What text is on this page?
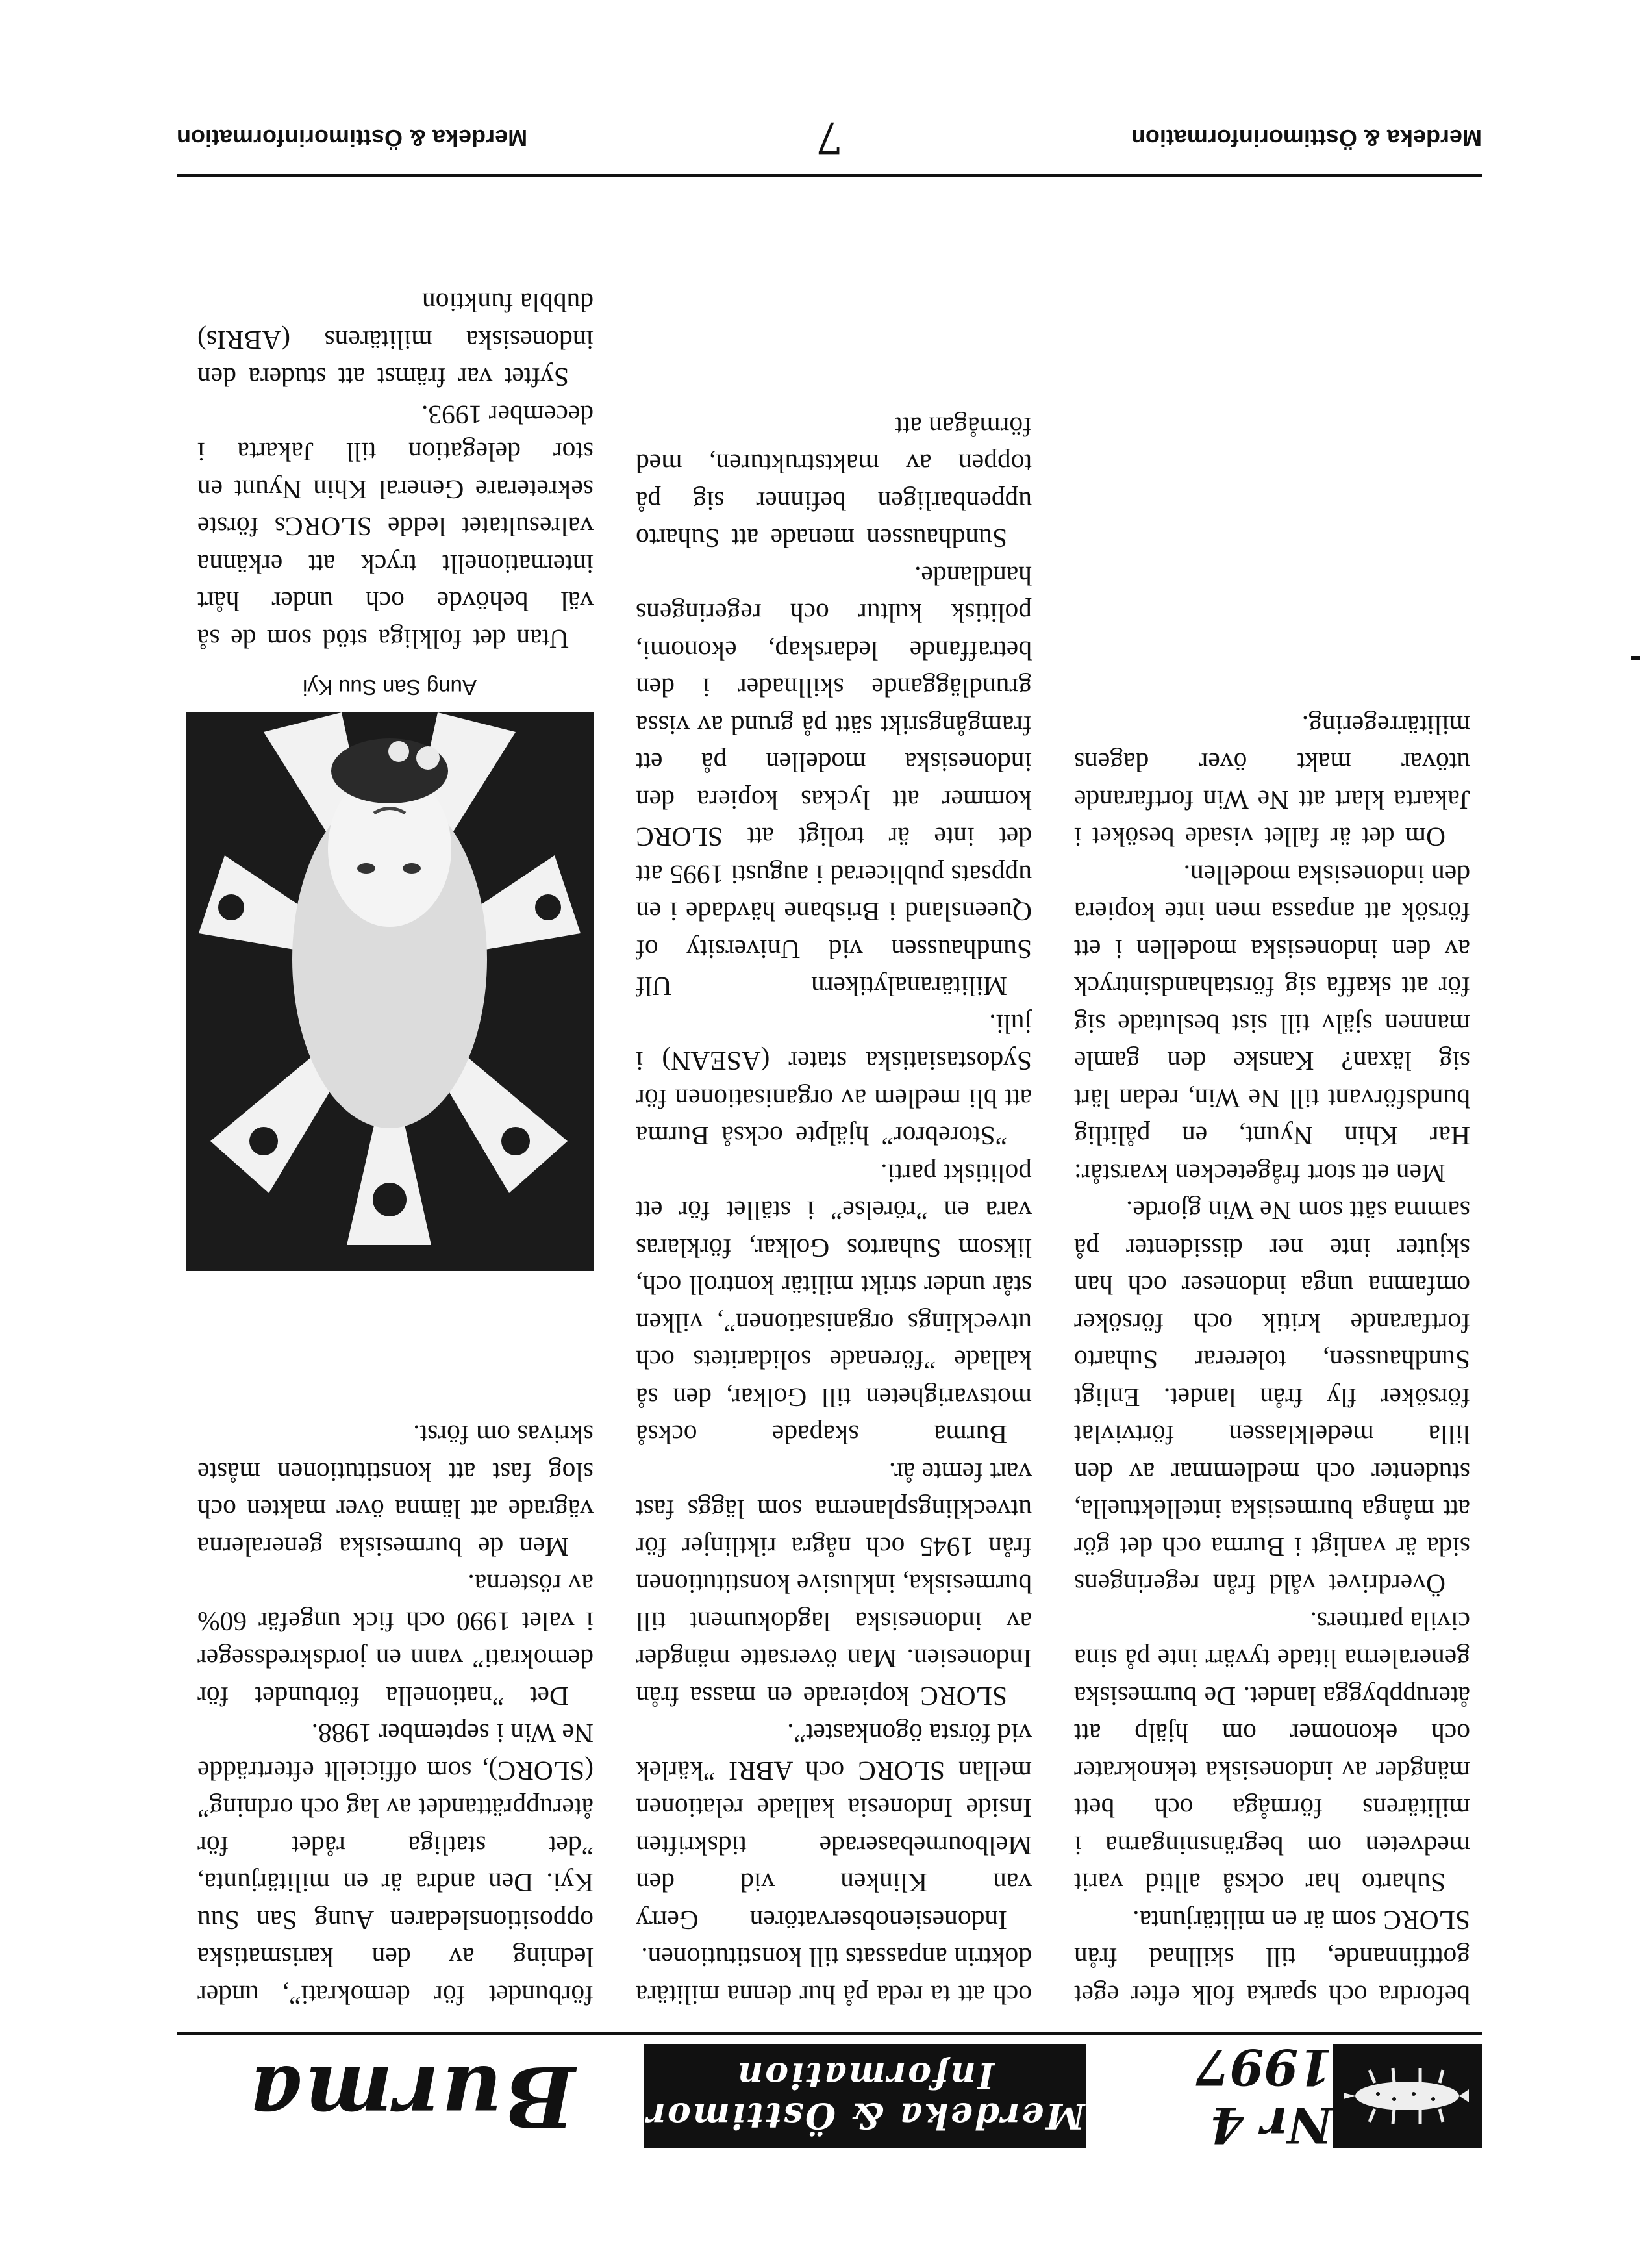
Nr 4 1997
Merdeka & Östtimor
Information
Burma

befordra och sparka folk efter eget gottfinnande, till skillnad från SLORC som är en militärjunta.

Suharto har också alltid varit medveten om begränsningarna i militärens förmåga och bett mängder av indonesiska teknokrater och ekonomer om hjälp att återuppbygga landet. De burmesiska generalerna litade tyvärr inte på sina civila partners.

Överdrivet våld från regeringens sida är vanligt i Burma och det gör att många burmesiska intellektuella, studenter och medlemmar av den lilla medelklassen förtvivlat försöker fly från landet. Enligt Sundhaussen, tolererar Suharto fortfarande kritik och försöker omfamna unga indoneser och han skjuter inte ner dissidenter på samma sätt som Ne Win gjorde.

Men ett stort frågetecken kvarstår: Har Khin Nyunt, en pålitlig bundsförvant till Ne Win, redan lärt sig läxan? Kanske den gamle mannen själv till sist beslutade sig för att skaffa sig förstahandsintryck av den indonesiska modellen i ett försök att anpassa men inte kopiera den indonesiska modellen.

Om det är fallet visade besöket i Jakarta klart att Ne Win fortfarande utövar makt över dagens militärregering.

och att ta reda på hur denna militära doktrin anpassats till konstitutionen.

Indonesienobservatören Gerry van Klinken vid den Melbournebaserade tidskriften Inside Indonesia kallade relationen mellan SLORC och ABRI ”kärlek vid första ögonkastet”.

SLORC kopierade en massa från Indonesien. Man översatte mängder av indonesiska lagdokument till burmesiska, inklusive konstitutionen från 1945 och några riktlinjer för utvecklingsplanerna som läggs fast vart femte år.

Burma skapade också motsvarigheten till Golkar, den så kallade ”förenade solidaritets och utvecklings organisationen”, vilken står under strikt militär kontroll och, liksom Suhartos Golkar, förklaras vara en ”rörelse” i stället för ett politiskt parti.

”Storebror” hjälpte också Burma att bli medlem av organisationen för Sydostasiatiska stater (ASEAN) i juli.

Militäranalytikern Ulf Sundhaussen vid University of Queensland i Brisbane hävdade i en uppsats publicerad i augusti 1995 att det inte är troligt att SLORC kommer att lyckas kopiera den indonesiska modellen på ett framgångsrikt sätt på grund av vissa grundläggande skillnader i den betraffande ledarskap, ekonomi, politisk kultur och regeringens handlande.

Sundhaussen menade att Suharto uppenbarligen befinner sig på toppen av maktstrukturen, med förmågan att

förbundet för demokrati”, under ledning av den karismatiska oppositionsledaren Aung San Suu Kyi. Den andra är en militärjunta, ”det statliga rådet för återupprättandet av lag och ordning” (SLORC), som officiellt efterträdde Ne Win i september 1988.

Det ”nationella förbundet för demokrati” vann en jordskredsseger i valet 1990 och fick ungefär 60% av rösterna.

Men de burmesiska generalerna vägrade att lämna över makten och slog fast att konstitutionen måste skrivas om först.

Aung San Suu Kyi

Utan det folkliga stöd som de så väl behövde och under hårt internationellt tryck att erkänna valresultatet ledde SLORCs förste sekreterare General Khin Nyunt en stor delegation till Jakarta i december 1993.

Syftet var främst att studera den indonesiska militärens (ABRIs) dubbla funktion

Merdeka & Östtimorinformation
7
Merdeka & Östtimorinformation
